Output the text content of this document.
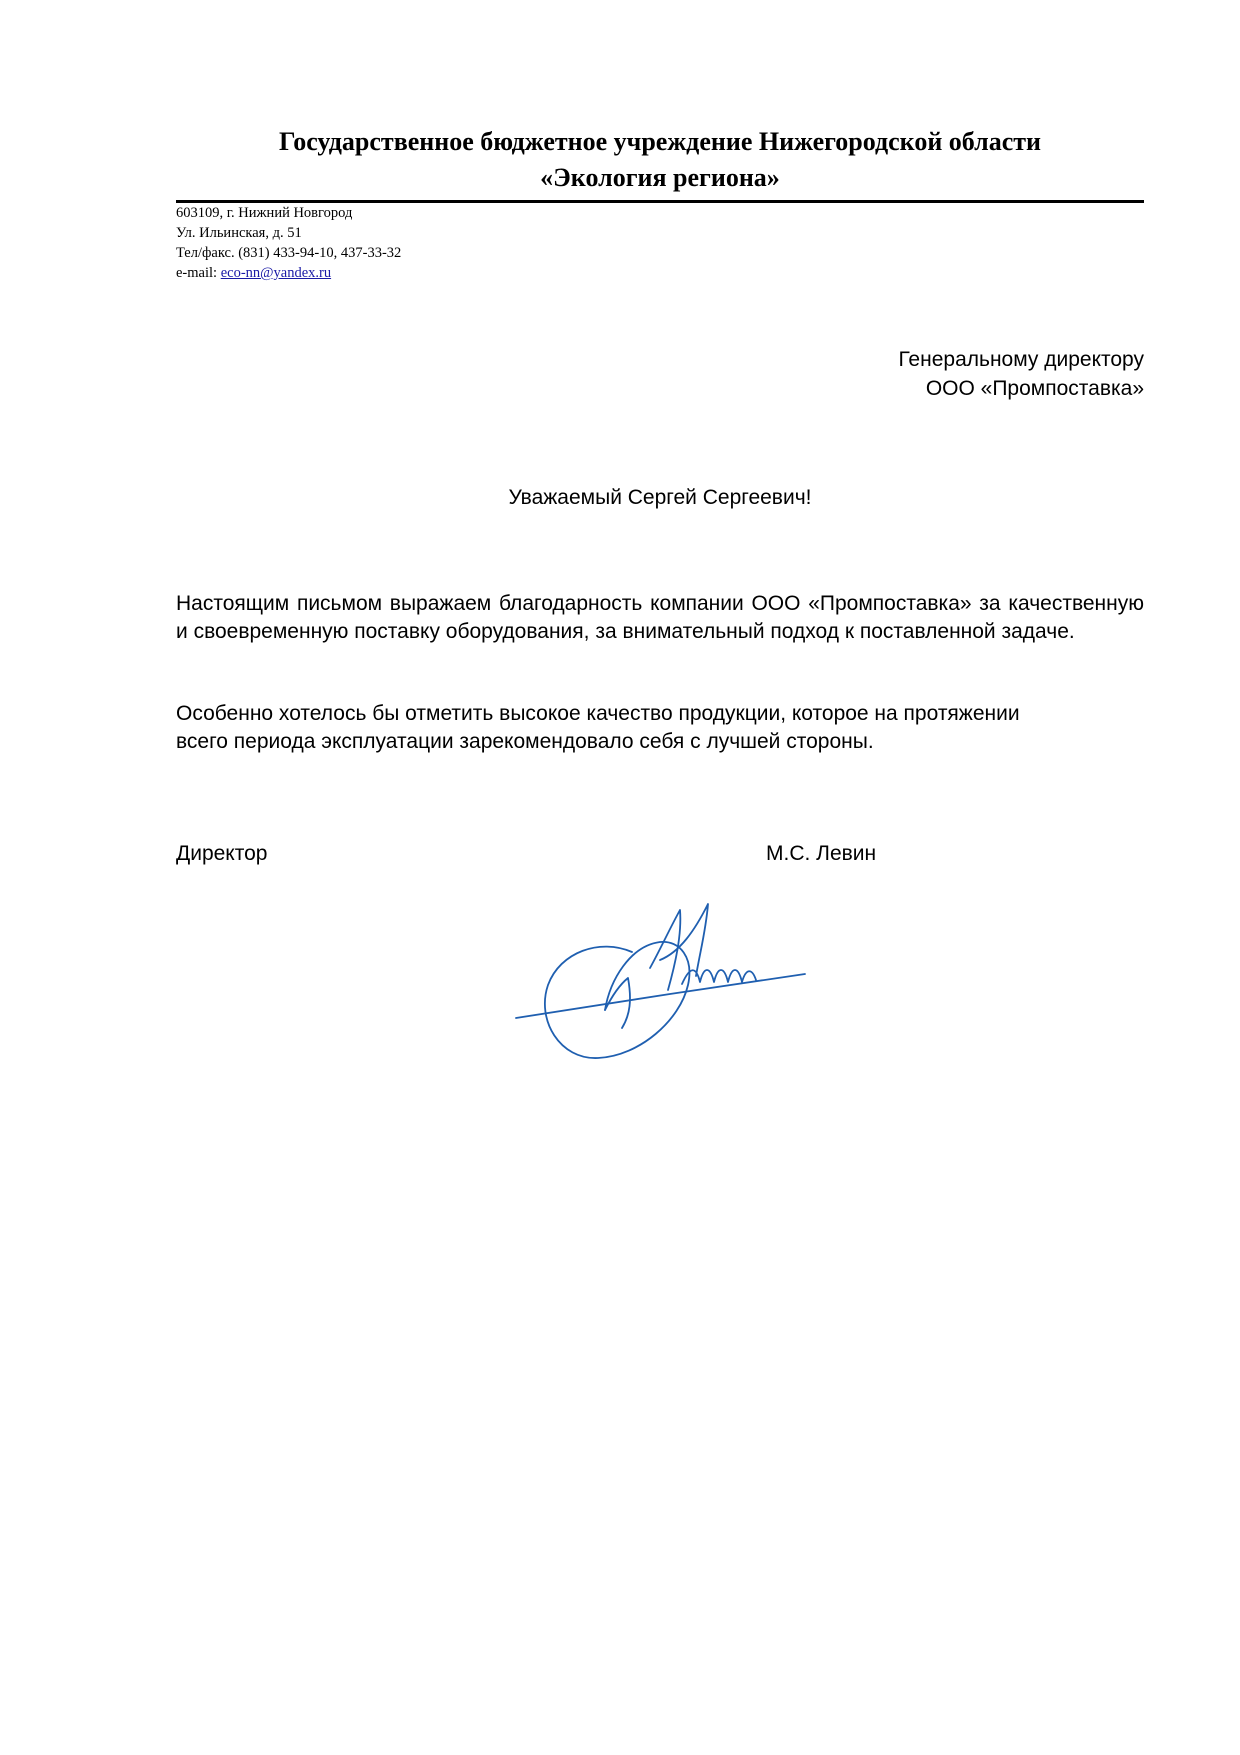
Государственное бюджетное учреждение Нижегородской области
«Экология региона»
603109, г. Нижний Новгород
Ул. Ильинская, д. 51
Тел/факс. (831) 433-94-10, 437-33-32
e-mail: eco-nn@yandex.ru
Генеральному директору
ООО «Промпоставка»
Уважаемый Сергей Сергеевич!

Настоящим письмом выражаем благодарность компании ООО «Промпоставка» за качественную и своевременную поставку оборудования, за внимательный подход к поставленной задаче.

Особенно хотелось бы отметить высокое качество продукции, которое на протяжении
всего периода эксплуатации зарекомендовало себя с лучшей стороны.
Директор	М.С. Левин
